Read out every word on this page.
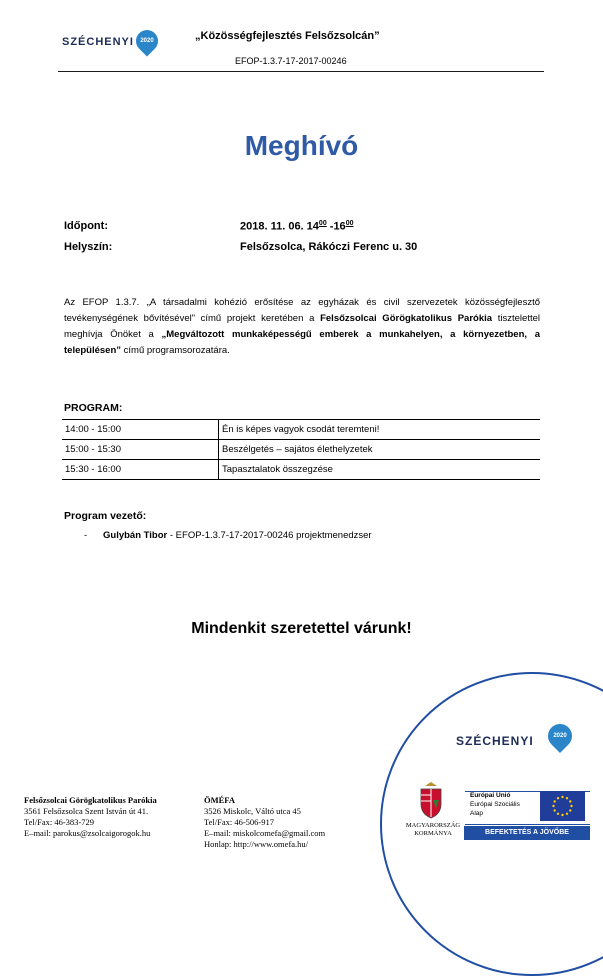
SZÉCHENYI	2020	„Közösségfejlesztés Felsőzsolcán”
EFOP-1.3.7-17-2017-00246
Meghívó
Időpont:	2018. 11. 06. $14^{00}$ $-16^{00}$
Helyszín:	Felsőzsolca, Rákóczi Ferenc u. 30
Az EFOP 1.3.7. „A társadalmi kohézió erősítése az egyházak és civil szervezetek közösségfejlesztő tevékenységének bővítésével” című projekt keretében a Felsőzsolcai Görögkatolikus Parókia tisztelettel meghívja Önöket a „Megváltozott munkaképességű emberek a munkahelyen, a környezetben, a településen” című programsorozatára.
PROGRAM:
14:00 - 15:00	Én is képes vagyok csodát teremteni!
15:00 - 15:30	Beszélgetés – sajátos élethelyzetek
15:30 - 16:00	Tapasztalatok összegzése
Program vezető:
- Gulybán Tibor - EFOP-1.3.7-17-2017-00246 projektmenedzser
Mindenkit szeretettel várunk!
SZÉCHENYI	2020
Felsőzsolcai Görögkatolikus Parókia
3561 Felsőzsolca Szent István út 41.
Tel/Fax: 46-383-729
E–mail: parokus@zsolcaigorogok.hu
ÖMÉFA
3526 Miskolc, Váltó utca 45
Tel/Fax: 46-506-917
E–mail: miskolcomefa@gmail.com
Honlap: http://www.omefa.hu/
MAGYARORSZÁG KORMÁNYA
Európai Unió
Európai Szociális
Alap
BEFEKTETÉS A JÖVŐBE
